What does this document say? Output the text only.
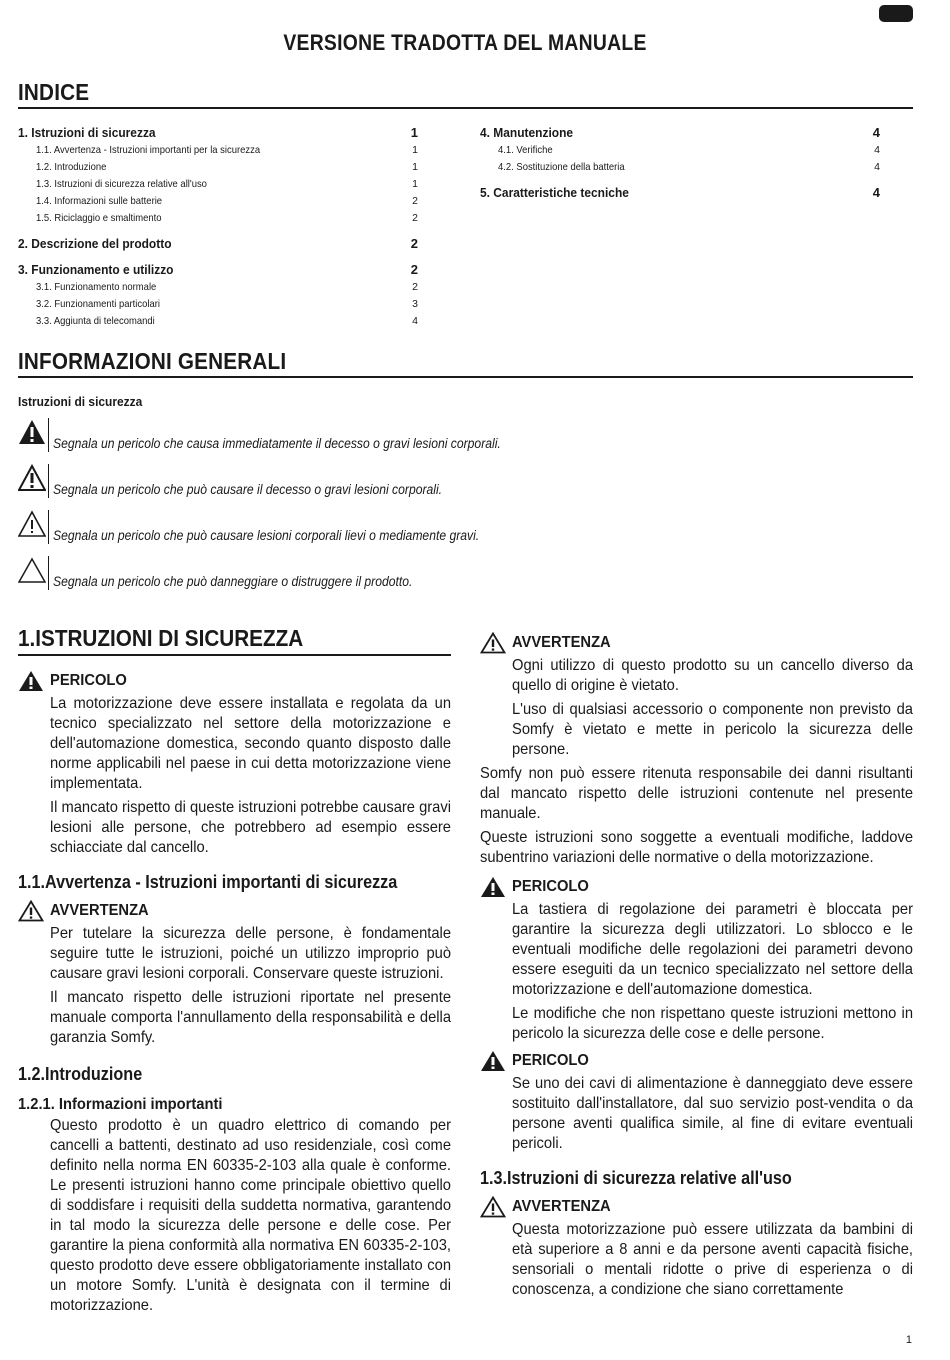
VERSIONE TRADOTTA DEL MANUALE
INDICE
1. Istruzioni di sicurezza	1
1.1. Avvertenza - Istruzioni importanti per la sicurezza	1
1.2. Introduzione	1
1.3. Istruzioni di sicurezza relative all'uso	1
1.4. Informazioni sulle batterie	2
1.5. Riciclaggio e smaltimento	2
2. Descrizione del prodotto	2
3. Funzionamento e utilizzo	2
3.1. Funzionamento normale	2
3.2. Funzionamenti particolari	3
3.3. Aggiunta di telecomandi	4
4. Manutenzione	4
4.1. Verifiche	4
4.2. Sostituzione della batteria	4
5. Caratteristiche tecniche	4
INFORMAZIONI GENERALI
Istruzioni di sicurezza
Segnala un pericolo che causa immediatamente il decesso o gravi lesioni corporali.
Segnala un pericolo che può causare il decesso o gravi lesioni corporali.
Segnala un pericolo che può causare lesioni corporali lievi o mediamente gravi.
Segnala un pericolo che può danneggiare o distruggere il prodotto.
1.ISTRUZIONI DI SICUREZZA
PERICOLO
La motorizzazione deve essere installata e regolata da un tecnico specializzato nel settore della motorizzazione e dell'automazione domestica, secondo quanto disposto dalle norme applicabili nel paese in cui detta motorizzazione viene implementata.
Il mancato rispetto di queste istruzioni potrebbe causare gravi lesioni alle persone, che potrebbero ad esempio essere schiacciate dal cancello.
1.1.Avvertenza - Istruzioni importanti di sicurezza
AVVERTENZA
Per tutelare la sicurezza delle persone, è fondamentale seguire tutte le istruzioni, poiché un utilizzo improprio può causare gravi lesioni corporali. Conservare queste istruzioni.
Il mancato rispetto delle istruzioni riportate nel presente manuale comporta l'annullamento della responsabilità e della garanzia Somfy.
1.2.Introduzione
1.2.1. Informazioni importanti
Questo prodotto è un quadro elettrico di comando per cancelli a battenti, destinato ad uso residenziale, così come definito nella norma EN 60335-2-103 alla quale è conforme. Le presenti istruzioni hanno come principale obiettivo quello di soddisfare i requisiti della suddetta normativa, garantendo in tal modo la sicurezza delle persone e delle cose. Per garantire la piena conformità alla normativa EN 60335-2-103, questo prodotto deve essere obbligatoriamente installato con un motore Somfy. L'unità è designata con il termine di motorizzazione.
AVVERTENZA
Ogni utilizzo di questo prodotto su un cancello diverso da quello di origine è vietato.
L'uso di qualsiasi accessorio o componente non previsto da Somfy è vietato e mette in pericolo la sicurezza delle persone.
Somfy non può essere ritenuta responsabile dei danni risultanti dal mancato rispetto delle istruzioni contenute nel presente manuale.
Queste istruzioni sono soggette a eventuali modifiche, laddove subentrino variazioni delle normative o della motorizzazione.
PERICOLO
La tastiera di regolazione dei parametri è bloccata per garantire la sicurezza degli utilizzatori. Lo sblocco e le eventuali modifiche delle regolazioni dei parametri devono essere eseguiti da un tecnico specializzato nel settore della motorizzazione e dell'automazione domestica.
Le modifiche che non rispettano queste istruzioni mettono in pericolo la sicurezza delle cose e delle persone.
PERICOLO
Se uno dei cavi di alimentazione è danneggiato deve essere sostituito dall'installatore, dal suo servizio post-vendita o da persone aventi qualifica simile, al fine di evitare eventuali pericoli.
1.3.Istruzioni di sicurezza relative all'uso
AVVERTENZA
Questa motorizzazione può essere utilizzata da bambini di età superiore a 8 anni e da persone aventi capacità fisiche, sensoriali o mentali ridotte o prive di esperienza o di conoscenza, a condizione che siano correttamente
1
